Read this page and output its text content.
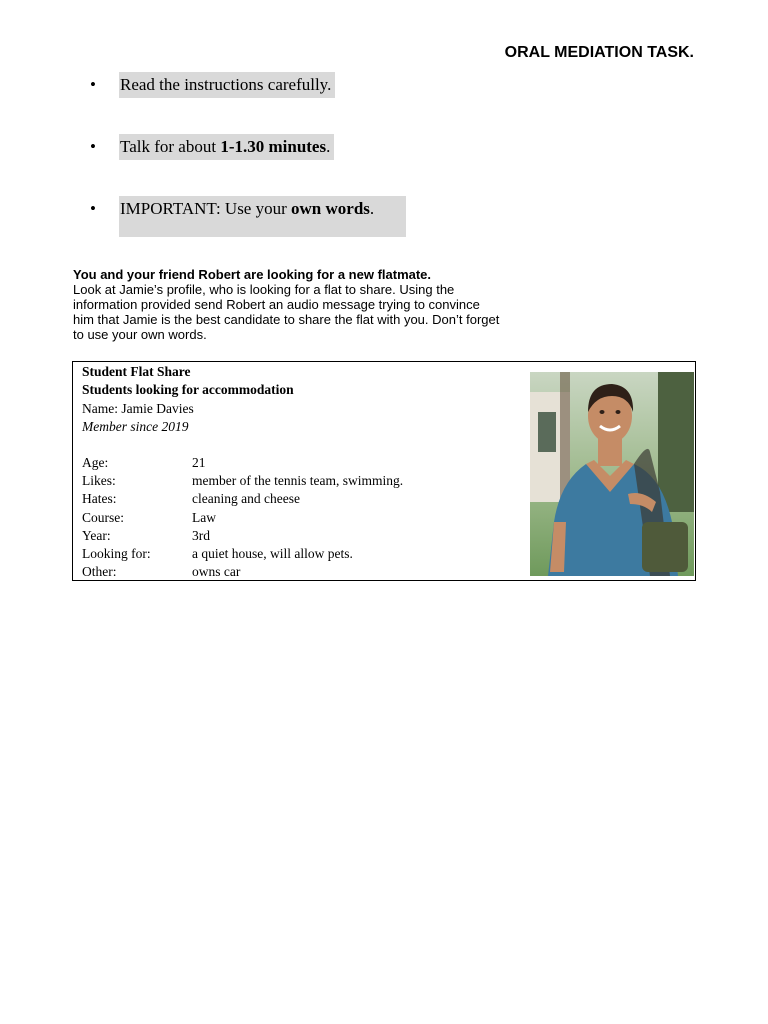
ORAL MEDIATION TASK.
• Read the instructions carefully.
• Talk for about 1-1.30 minutes.
• IMPORTANT: Use your own words.
You and your friend Robert are looking for a new flatmate.
Look at Jamie’s profile, who is looking for a flat to share. Using the information provided send Robert an audio message trying to convince him that Jamie is the best candidate to share the flat with you. Don’t forget to use your own words.
Student Flat Share
Students looking for accommodation
Name: Jamie Davies
Member since 2019
Age:	21
Likes:	member of the tennis team, swimming.
Hates:	cleaning and cheese
Course:	Law
Year:	3rd
Looking for:	a quiet house, will allow pets.
Other:	owns car
